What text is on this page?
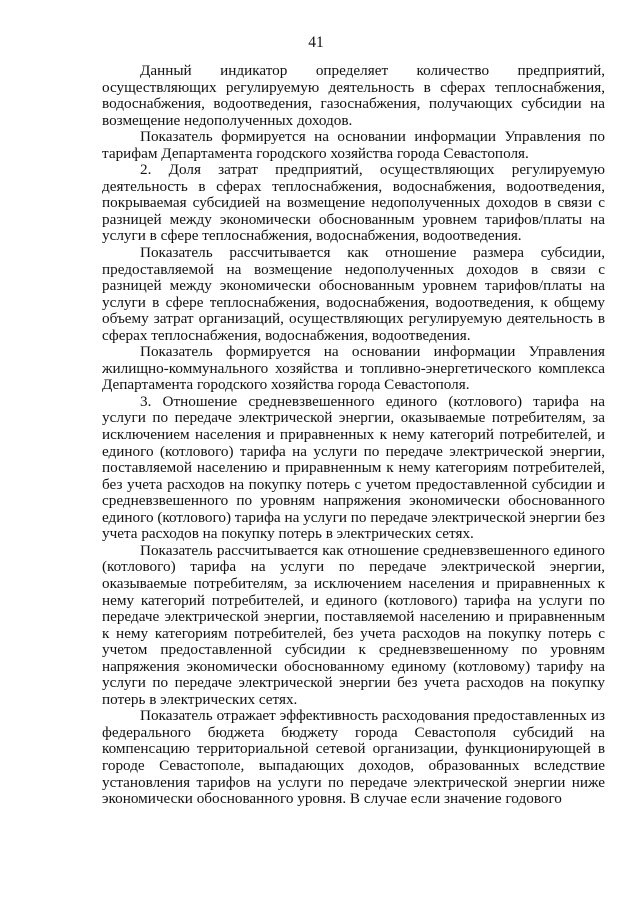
41

Данный индикатор определяет количество предприятий, осуществляющих регулируемую деятельность в сферах теплоснабжения, водоснабжения, водоотведения, газоснабжения, получающих субсидии на возмещение недополученных доходов.

Показатель формируется на основании информации Управления по тарифам Департамента городского хозяйства города Севастополя.

2. Доля затрат предприятий, осуществляющих регулируемую деятельность в сферах теплоснабжения, водоснабжения, водоотведения, покрываемая субсидией на возмещение недополученных доходов в связи с разницей между экономически обоснованным уровнем тарифов/платы на услуги в сфере теплоснабжения, водоснабжения, водоотведения.

Показатель рассчитывается как отношение размера субсидии, предоставляемой на возмещение недополученных доходов в связи с разницей между экономически обоснованным уровнем тарифов/платы на услуги в сфере теплоснабжения, водоснабжения, водоотведения, к общему объему затрат организаций, осуществляющих регулируемую деятельность в сферах теплоснабжения, водоснабжения, водоотведения.

Показатель формируется на основании информации Управления жилищно-коммунального хозяйства и топливно-энергетического комплекса Департамента городского хозяйства города Севастополя.

3. Отношение средневзвешенного единого (котлового) тарифа на услуги по передаче электрической энергии, оказываемые потребителям, за исключением населения и приравненных к нему категорий потребителей, и единого (котлового) тарифа на услуги по передаче электрической энергии, поставляемой населению и приравненным к нему категориям потребителей, без учета расходов на покупку потерь с учетом предоставленной субсидии и средневзвешенного по уровням напряжения экономически обоснованного единого (котлового) тарифа на услуги по передаче электрической энергии без учета расходов на покупку потерь в электрических сетях.

Показатель рассчитывается как отношение средневзвешенного единого (котлового) тарифа на услуги по передаче электрической энергии, оказываемые потребителям, за исключением населения и приравненных к нему категорий потребителей, и единого (котлового) тарифа на услуги по передаче электрической энергии, поставляемой населению и приравненным к нему категориям потребителей, без учета расходов на покупку потерь с учетом предоставленной субсидии к средневзвешенному по уровням напряжения экономически обоснованному единому (котловому) тарифу на услуги по передаче электрической энергии без учета расходов на покупку потерь в электрических сетях.

Показатель отражает эффективность расходования предоставленных из федерального бюджета бюджету города Севастополя субсидий на компенсацию территориальной сетевой организации, функционирующей в городе Севастополе, выпадающих доходов, образованных вследствие установления тарифов на услуги по передаче электрической энергии ниже экономически обоснованного уровня. В случае если значение годового
